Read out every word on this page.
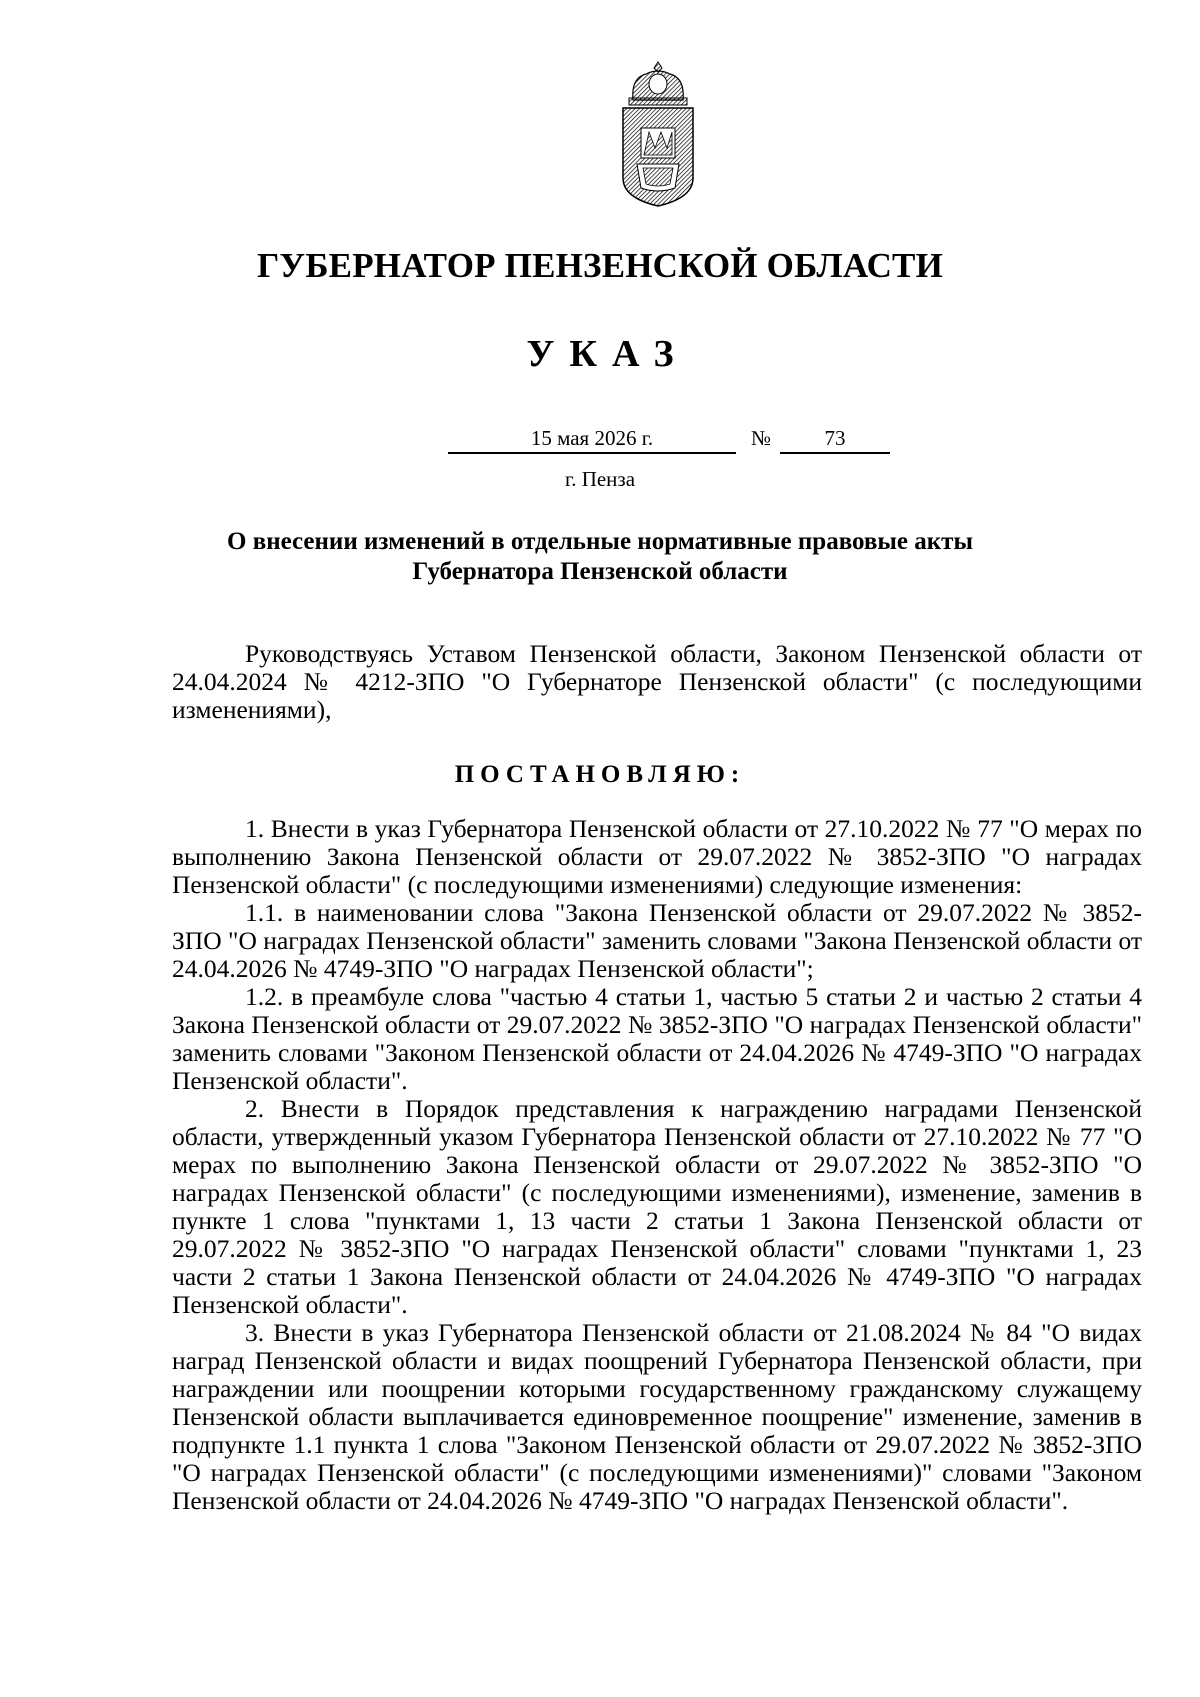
ГУБЕРНАТОР ПЕНЗЕНСКОЙ ОБЛАСТИ
УКАЗ
15 мая 2026 г.	№	73
г. Пенза
О внесении изменений в отдельные нормативные правовые акты
Губернатора Пензенской области

Руководствуясь Уставом Пензенской области, Законом Пензенской области от 24.04.2024 № 4212-ЗПО "О Губернаторе Пензенской области" (с последующими изменениями),

ПОСТАНОВЛЯЮ:

1. Внести в указ Губернатора Пензенской области от 27.10.2022 № 77 "О мерах по выполнению Закона Пензенской области от 29.07.2022 № 3852-ЗПО "О наградах Пензенской области" (с последующими изменениями) следующие изменения:

1.1. в наименовании слова "Закона Пензенской области от 29.07.2022 № 3852-ЗПО "О наградах Пензенской области" заменить словами "Закона Пензенской области от 24.04.2026 № 4749-ЗПО "О наградах Пензенской области";

1.2. в преамбуле слова "частью 4 статьи 1, частью 5 статьи 2 и частью 2 статьи 4 Закона Пензенской области от 29.07.2022 № 3852-ЗПО "О наградах Пензенской области" заменить словами "Законом Пензенской области от 24.04.2026 № 4749-ЗПО "О наградах Пензенской области".

2. Внести в Порядок представления к награждению наградами Пензенской области, утвержденный указом Губернатора Пензенской области от 27.10.2022 № 77 "О мерах по выполнению Закона Пензенской области от 29.07.2022 № 3852-ЗПО "О наградах Пензенской области" (с последующими изменениями), изменение, заменив в пункте 1 слова "пунктами 1, 13 части 2 статьи 1 Закона Пензенской области от 29.07.2022 № 3852-ЗПО "О наградах Пензенской области" словами "пунктами 1, 23 части 2 статьи 1 Закона Пензенской области от 24.04.2026 № 4749-ЗПО "О наградах Пензенской области".

3. Внести в указ Губернатора Пензенской области от 21.08.2024 № 84 "О видах наград Пензенской области и видах поощрений Губернатора Пензенской области, при награждении или поощрении которыми государственному гражданскому служащему Пензенской области выплачивается единовременное поощрение" изменение, заменив в подпункте 1.1 пункта 1 слова "Законом Пензенской области от 29.07.2022 № 3852-ЗПО "О наградах Пензенской области" (с последующими изменениями)" словами "Законом Пензенской области от 24.04.2026 № 4749-ЗПО "О наградах Пензенской области".
